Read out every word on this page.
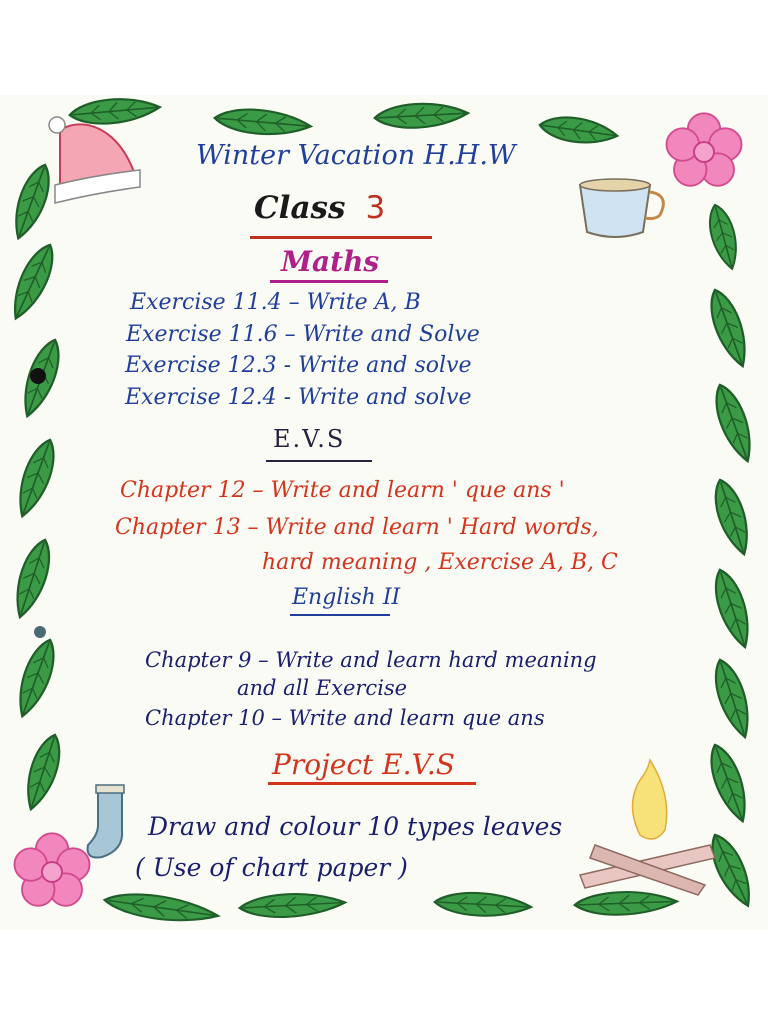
Winter Vacation H.H.W
Class 3
Maths
Exercise 11.4 – Write A, B
Exercise 11.6 – Write and Solve
Exercise 12.3 - Write and solve
Exercise 12.4 - Write and solve
E.V.S
Chapter 12 – Write and learn ' que ans '
Chapter 13 – Write and learn ' Hard words,
hard meaning , Exercise A, B, C
English II
Chapter 9 – Write and learn hard meaning
and all Exercise
Chapter 10 – Write and learn que ans
Project E.V.S
Draw and colour 10 types leaves
( Use of chart paper )
